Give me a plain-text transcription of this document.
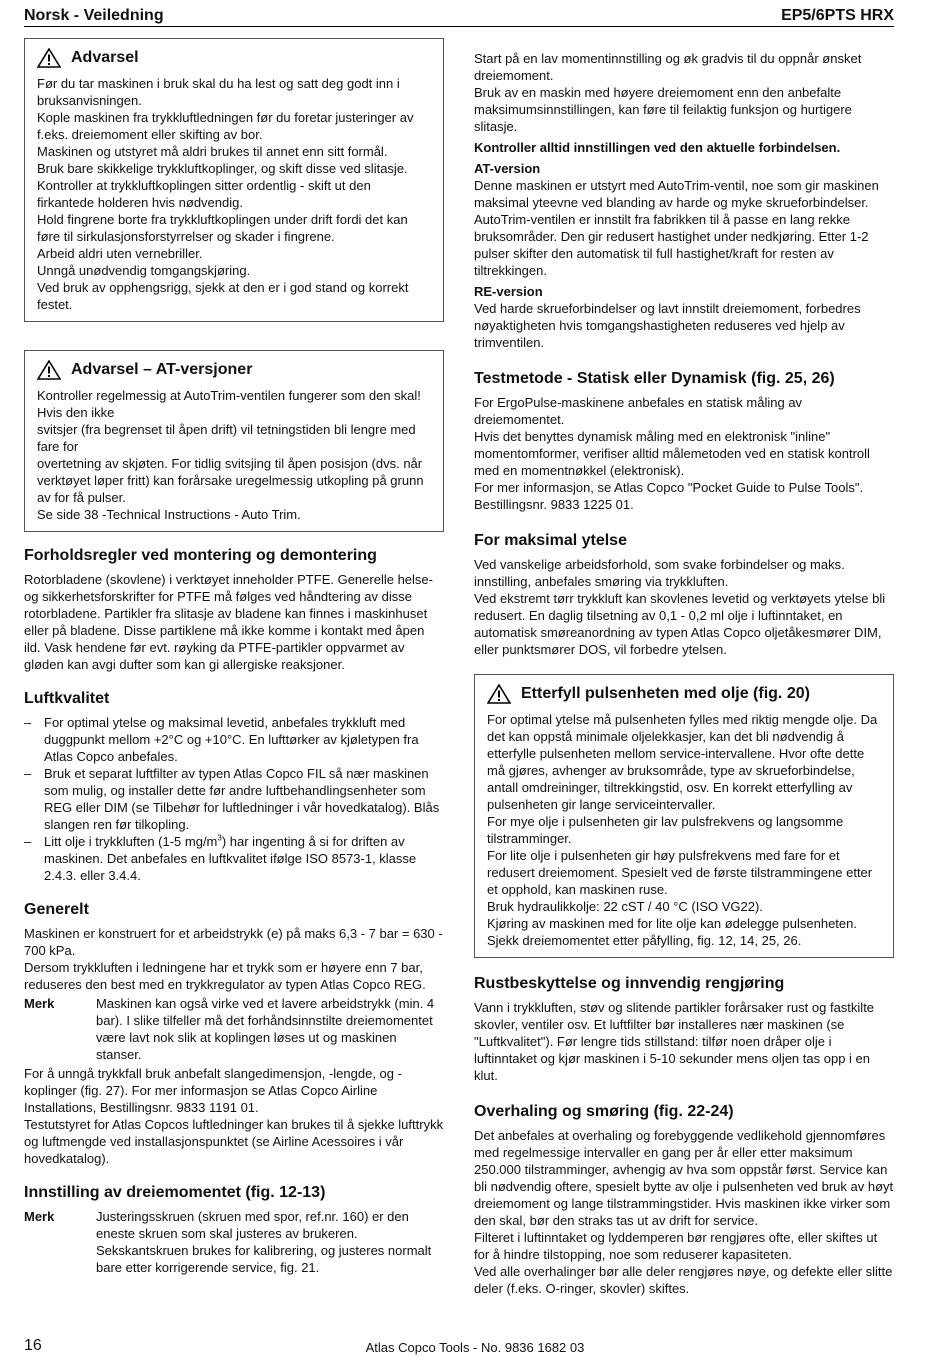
Norsk - Veiledning	EP5/6PTS HRX
Advarsel

Før du tar maskinen i bruk skal du ha lest og satt deg godt inn i bruksanvisningen.

Kople maskinen fra trykkluftledningen før du foretar justeringer av f.eks. dreiemoment eller skifting av bor.

Maskinen og utstyret må aldri brukes til annet enn sitt formål.

Bruk bare skikkelige trykkluftkoplinger, og skift disse ved slitasje.

Kontroller at trykkluftkoplingen sitter ordentlig - skift ut den firkantede holderen hvis nødvendig.

Hold fingrene borte fra trykkluftkoplingen under drift fordi det kan føre til sirkulasjonsforstyrrelser og skader i fingrene.

Arbeid aldri uten vernebriller.

Unngå unødvendig tomgangskjøring.

Ved bruk av opphengsrigg, sjekk at den er i god stand og korrekt festet.

Advarsel – AT-versjoner

Kontroller regelmessig at AutoTrim-ventilen fungerer som den skal! Hvis den ikke

svitsjer (fra begrenset til åpen drift) vil tetningstiden bli lengre med fare for

overtetning av skjøten. For tidlig svitsjing til åpen posisjon (dvs. når verktøyet løper fritt) kan forårsake uregelmessig utkopling på grunn av for få pulser.

Se side 38 -Technical Instructions - Auto Trim.

Forholdsregler ved montering og demontering

Rotorbladene (skovlene) i verktøyet inneholder PTFE. Generelle helse- og sikkerhetsforskrifter for PTFE må følges ved håndtering av disse rotorbladene. Partikler fra slitasje av bladene kan finnes i maskinhuset eller på bladene. Disse partiklene må ikke komme i kontakt med åpen ild. Vask hendene før evt. røyking da PTFE-partikler oppvarmet av gløden kan avgi dufter som kan gi allergiske reaksjoner.

Luftkvalitet
– For optimal ytelse og maksimal levetid, anbefales trykkluft med duggpunkt mellom +2°C og +10°C. En lufttørker av kjøletypen fra Atlas Copco anbefales.
– Bruk et separat luftfilter av typen Atlas Copco FIL så nær maskinen som mulig, og installer dette før andre luftbehandlingsenheter som REG eller DIM (se Tilbehør for luftledninger i vår hovedkatalog). Blås slangen ren før tilkopling.
– Litt olje i trykkluften (1-5 $mg/m^3$) har ingenting å si for driften av maskinen. Det anbefales en luftkvalitet ifølge ISO 8573-1, klasse 2.4.3. eller 3.4.4.
Generelt

Maskinen er konstruert for et arbeidstrykk (e) på maks 6,3 - 7 bar = 630 - 700 kPa.

Dersom trykkluften i ledningene har et trykk som er høyere enn 7 bar, reduseres den best med en trykkregulator av typen Atlas Copco REG.

Merk	Maskinen kan også virke ved et lavere arbeidstrykk (min. 4 bar). I slike tilfeller må det forhåndsinnstilte dreiemomentet være lavt nok slik at koplingen løses ut og maskinen stanser.

For å unngå trykkfall bruk anbefalt slangedimensjon, -lengde, og -koplinger (fig. 27). For mer informasjon se Atlas Copco Airline Installations, Bestillingsnr. 9833 1191 01.

Testutstyret for Atlas Copcos luftledninger kan brukes til å sjekke lufttrykk og luftmengde ved installasjonspunktet (se Airline Acessoires i vår hovedkatalog).

Innstilling av dreiemomentet (fig. 12-13)
Merk	Justeringsskruen (skruen med spor, ref.nr. 160) er den eneste skruen som skal justeres av brukeren. Sekskantskruen brukes for kalibrering, og justeres normalt bare etter korrigerende service, fig. 21.

Start på en lav momentinnstilling og øk gradvis til du oppnår ønsket dreiemoment.

Bruk av en maskin med høyere dreiemoment enn den anbefalte maksimumsinnstillingen, kan føre til feilaktig funksjon og hurtigere slitasje.

Kontroller alltid innstillingen ved den aktuelle forbindelsen.

AT-version

Denne maskinen er utstyrt med AutoTrim-ventil, noe som gir maskinen maksimal yteevne ved blanding av harde og myke skrueforbindelser. AutoTrim-ventilen er innstilt fra fabrikken til å passe en lang rekke bruksområder. Den gir redusert hastighet under nedkjøring. Etter 1-2 pulser skifter den automatisk til full hastighet/kraft for resten av tiltrekkingen.

RE-version

Ved harde skrueforbindelser og lavt innstilt dreiemoment, forbedres nøyaktigheten hvis tomgangshastigheten reduseres ved hjelp av trimventilen.

Testmetode - Statisk eller Dynamisk (fig. 25, 26)

For ErgoPulse-maskinene anbefales en statisk måling av dreiemomentet.

Hvis det benyttes dynamisk måling med en elektronisk "inline" momentomformer, verifiser alltid målemetoden ved en statisk kontroll med en momentnøkkel (elektronisk).

For mer informasjon, se Atlas Copco "Pocket Guide to Pulse Tools". Bestillingsnr. 9833 1225 01.

For maksimal ytelse

Ved vanskelige arbeidsforhold, som svake forbindelser og maks. innstilling, anbefales smøring via trykkluften.

Ved ekstremt tørr trykkluft kan skovlenes levetid og verktøyets ytelse bli redusert. En daglig tilsetning av 0,1 - 0,2 ml olje i luftinntaket, en automatisk smøreanordning av typen Atlas Copco oljetåkesmører DIM, eller punktsmører DOS, vil forbedre ytelsen.

Etterfyll pulsenheten med olje (fig. 20)

For optimal ytelse må pulsenheten fylles med riktig mengde olje. Da det kan oppstå minimale oljelekkasjer, kan det bli nødvendig å etterfylle pulsenheten mellom service-intervallene. Hvor ofte dette må gjøres, avhenger av bruksområde, type av skrueforbindelse, antall omdreininger, tiltrekkingstid, osv. En korrekt etterfylling av pulsenheten gir lange serviceintervaller.

For mye olje i pulsenheten gir lav pulsfrekvens og langsomme tilstramminger.

For lite olje i pulsenheten gir høy pulsfrekvens med fare for et redusert dreiemoment. Spesielt ved de første tilstrammingene etter et opphold, kan maskinen ruse.

Bruk hydraulikkolje: 22 cST / 40 °C (ISO VG22).

Kjøring av maskinen med for lite olje kan ødelegge pulsenheten. Sjekk dreiemomentet etter påfylling, fig. 12, 14, 25, 26.

Rustbeskyttelse og innvendig rengjøring

Vann i trykkluften, støv og slitende partikler forårsaker rust og fastkilte skovler, ventiler osv. Et luftfilter bør installeres nær maskinen (se "Luftkvalitet"). Før lengre tids stillstand: tilfør noen dråper olje i luftinntaket og kjør maskinen i 5-10 sekunder mens oljen tas opp i en klut.

Overhaling og smøring (fig. 22-24)

Det anbefales at overhaling og forebyggende vedlikehold gjennomføres med regelmessige intervaller en gang per år eller etter maksimum 250.000 tilstramminger, avhengig av hva som oppstår først. Service kan bli nødvendig oftere, spesielt bytte av olje i pulsenheten ved bruk av høyt dreiemoment og lange tilstrammingstider. Hvis maskinen ikke virker som den skal, bør den straks tas ut av drift for service.

Filteret i luftinntaket og lyddemperen bør rengjøres ofte, eller skiftes ut for å hindre tilstopping, noe som reduserer kapasiteten.

Ved alle overhalinger bør alle deler rengjøres nøye, og defekte eller slitte deler (f.eks. O-ringer, skovler) skiftes.

16	Atlas Copco Tools - No. 9836 1682 03
